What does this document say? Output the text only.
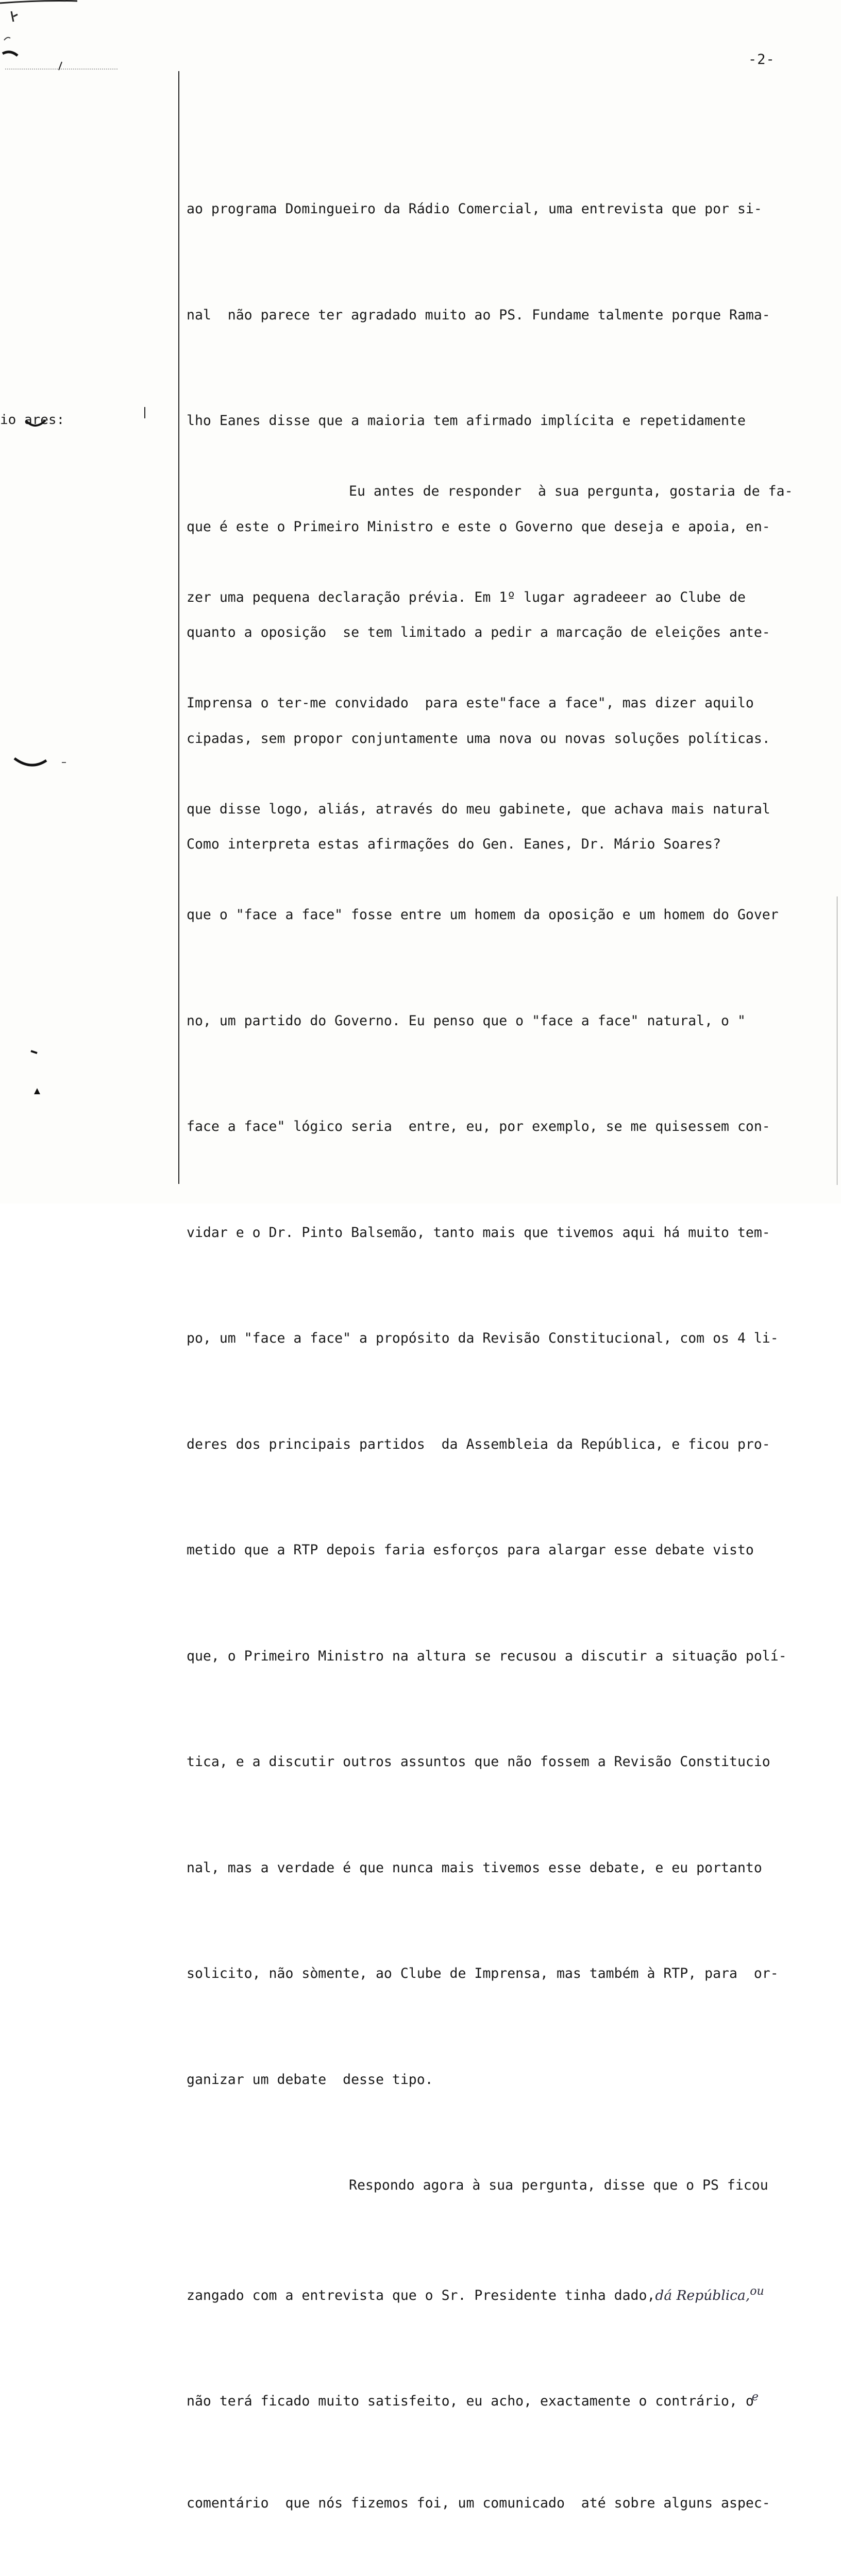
-2-
io ares:

ao programa Domingueiro da Rádio Comercial, uma entrevista que por si-

nal  não parece ter agradado muito ao PS. Fundame talmente porque Rama-

lho Eanes disse que a maioria tem afirmado implícita e repetidamente

que é este o Primeiro Ministro e este o Governo que deseja e apoia, en-

quanto a oposição  se tem limitado a pedir a marcação de eleições ante-

cipadas, sem propor conjuntamente uma nova ou novas soluções políticas.

Como interpreta estas afirmações do Gen. Eanes, Dr. Mário Soares?

Eu antes de responder  à sua pergunta, gostaria de fa-

zer uma pequena declaração prévia. Em 1º lugar agradeeer ao Clube de

Imprensa o ter-me convidado  para este"face a face", mas dizer aquilo

que disse logo, aliás, através do meu gabinete, que achava mais natural

que o "face a face" fosse entre um homem da oposição e um homem do Gover

no, um partido do Governo. Eu penso que o "face a face" natural, o "

face a face" lógico seria  entre, eu, por exemplo, se me quisessem con-

vidar e o Dr. Pinto Balsemão, tanto mais que tivemos aqui há muito tem-

po, um "face a face" a propósito da Revisão Constitucional, com os 4 li-

deres dos principais partidos  da Assembleia da República, e ficou pro-

metido que a RTP depois faria esforços para alargar esse debate visto

que, o Primeiro Ministro na altura se recusou a discutir a situação polí-

tica, e a discutir outros assuntos que não fossem a Revisão Constitucio

nal, mas a verdade é que nunca mais tivemos esse debate, e eu portanto

solicito, não sòmente, ao Clube de Imprensa, mas também à RTP, para  or-

ganizar um debate  desse tipo.

Respondo agora à sua pergunta, disse que o PS ficou

zangado com a entrevista que o Sr. Presidente tinha dado,dá República,$^{ou}$

não terá ficado muito satisfeito, eu acho, exactamente o contrário, $o^e$

comentário  que nós fizemos foi, um comunicado  até sobre alguns aspec-
